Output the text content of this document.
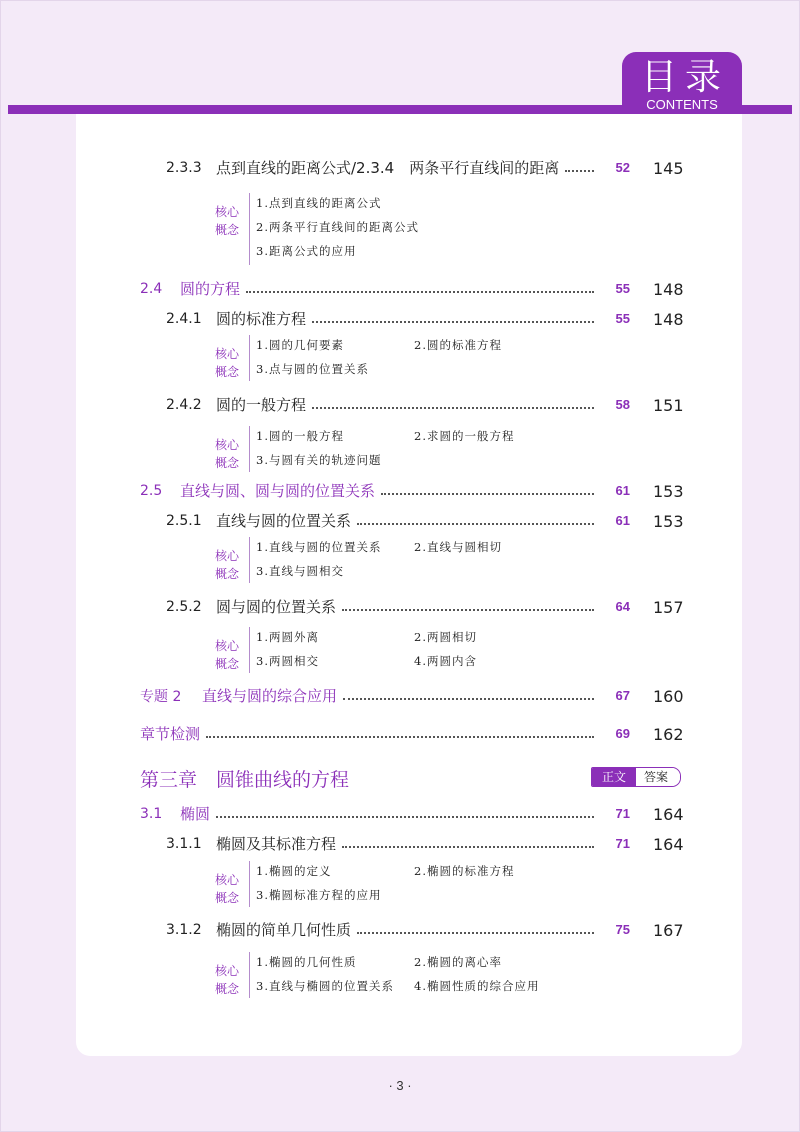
目录
CONTENTS
2.3.3 点到直线的距离公式/2.3.4　两条平行直线间的距离	52 145
核心
概念
1.点到直线的距离公式
2.两条平行直线间的距离公式
3.距离公式的应用
2.4	圆的方程	55 148
2.4.1 圆的标准方程	55 148
核心
概念
1.圆的几何要素	2.圆的标准方程
3.点与圆的位置关系
2.4.2 圆的一般方程	58 151
核心
概念
1.圆的一般方程	2.求圆的一般方程
3.与圆有关的轨迹问题
2.5	直线与圆、圆与圆的位置关系	61 153
2.5.1 直线与圆的位置关系	61 153
核心
概念
1.直线与圆的位置关系	2.直线与圆相切
3.直线与圆相交
2.5.2 圆与圆的位置关系	64 157
核心
概念
1.两圆外离	2.两圆相切
3.两圆相交	4.两圆内含
专题 2	直线与圆的综合应用	67 160
章节检测	69 162
第三章　圆锥曲线的方程	正文	答案
3.1	椭圆	71 164
3.1.1 椭圆及其标准方程	71 164
核心
概念
1.椭圆的定义	2.椭圆的标准方程
3.椭圆标准方程的应用
3.1.2 椭圆的简单几何性质	75 167
核心
概念
1.椭圆的几何性质	2.椭圆的离心率
3.直线与椭圆的位置关系 4.椭圆性质的综合应用
· 3 ·
